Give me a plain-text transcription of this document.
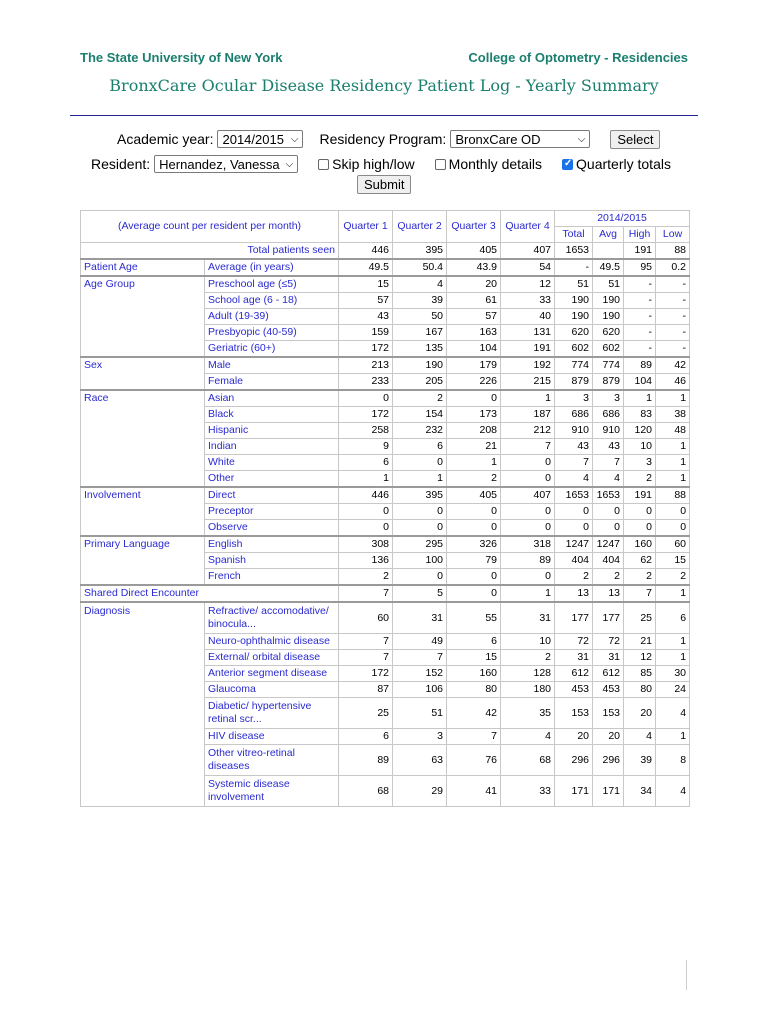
The State University of New York	College of Optometry - Residencies
BronxCare Ocular Disease Residency Patient Log - Yearly Summary
Academic year: 2014/2015 ⌵ Residency Program: BronxCare OD	⌵	Select
Resident: Hernandez, Vanessa ⌵	Skip high/low Monthly details ✓ Quarterly totals
Submit
(Average count per resident per month)		Quarter 1	Quarter 2	Quarter 3	Quarter 4	2014/2015			
						Total	Avg	High	Low
Total patients seen		446	395	405	407	1653		191	88
Patient Age	Average (in years)	49.5	50.4	43.9	54	-	49.5	95	0.2
Age Group	Preschool age (≤5)	15	4	20	12	51	51	-	-
	School age (6 - 18)	57	39	61	33	190	190	-	-
	Adult (19-39)	43	50	57	40	190	190	-	-
	Presbyopic (40-59)	159	167	163	131	620	620	-	-
	Geriatric (60+)	172	135	104	191	602	602	-	-
Sex	Male	213	190	179	192	774	774	89	42
	Female	233	205	226	215	879	879	104	46
Race	Asian	0	2	0	1	3	3	1	1
	Black	172	154	173	187	686	686	83	38
	Hispanic	258	232	208	212	910	910	120	48
	Indian	9	6	21	7	43	43	10	1
	White	6	0	1	0	7	7	3	1
	Other	1	1	2	0	4	4	2	1
Involvement	Direct	446	395	405	407	1653	1653	191	88
	Preceptor	0	0	0	0	0	0	0	0
	Observe	0	0	0	0	0	0	0	0
Primary Language	English	308	295	326	318	1247	1247	160	60
	Spanish	136	100	79	89	404	404	62	15
	French	2	0	0	0	2	2	2	2
Shared Direct Encounter		7	5	0	1	13	13	7	1
Diagnosis	Refractive/ accomodative/ binocula...	60	31	55	31	177	177	25	6
	Neuro-ophthalmic disease	7	49	6	10	72	72	21	1
	External/ orbital disease	7	7	15	2	31	31	12	1
	Anterior segment disease	172	152	160	128	612	612	85	30
	Glaucoma	87	106	80	180	453	453	80	24
	Diabetic/ hypertensive retinal scr...	25	51	42	35	153	153	20	4
	HIV disease	6	3	7	4	20	20	4	1
	Other vitreo-retinal diseases	89	63	76	68	296	296	39	8
	Systemic disease involvement	68	29	41	33	171	171	34	4
